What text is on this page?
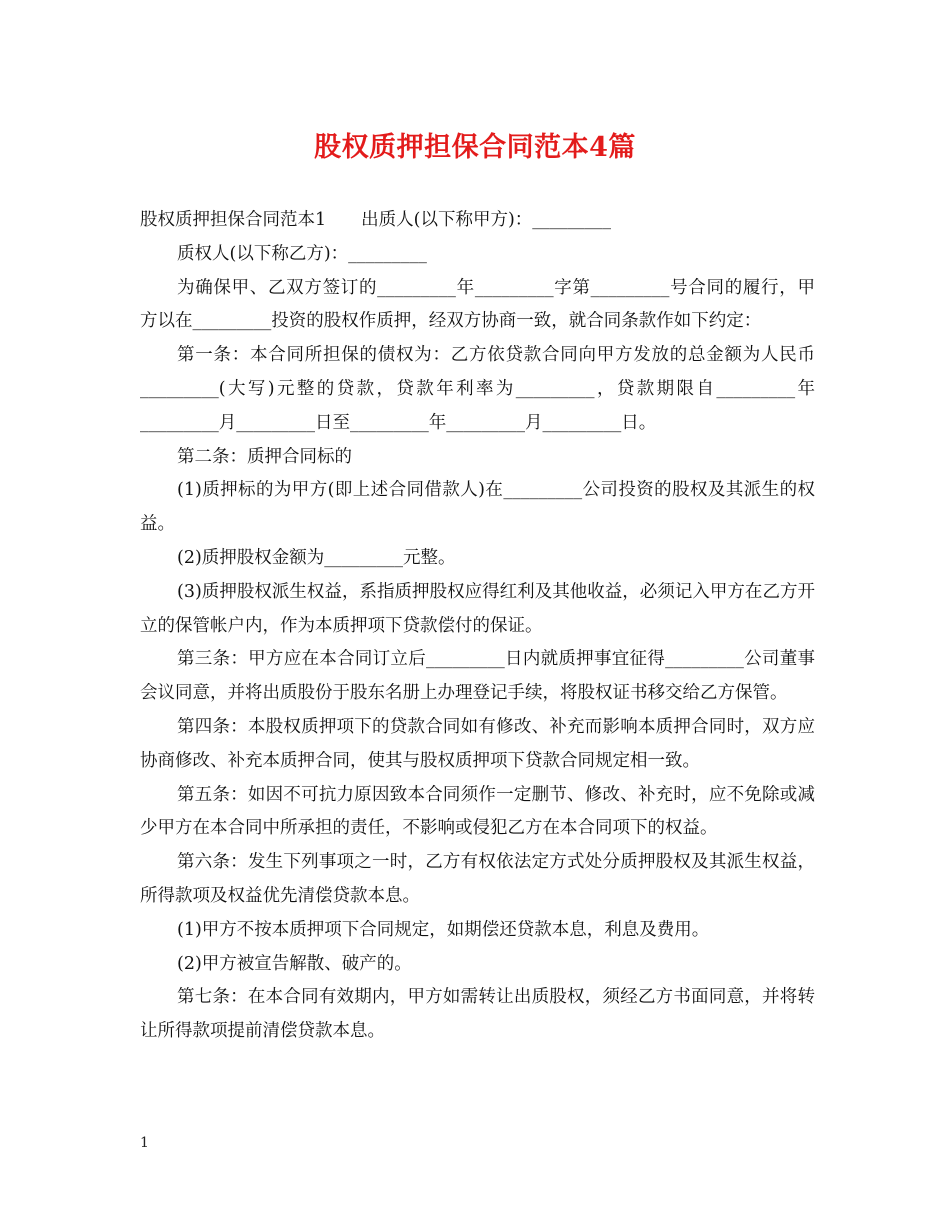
股权质押担保合同范本4篇

股权质押担保合同范本1　　出质人(以下称甲方)：_________

质权人(以下称乙方)：_________

为确保甲、乙双方签订的_________年_________字第_________号合同的履行，甲方以在_________投资的股权作质押，经双方协商一致，就合同条款作如下约定：

第一条：本合同所担保的债权为：乙方依贷款合同向甲方发放的总金额为人民币_________(大写)元整的贷款，贷款年利率为_________，贷款期限自_________年_________月_________日至_________年_________月_________日。

第二条：质押合同标的

(1)质押标的为甲方(即上述合同借款人)在_________公司投资的股权及其派生的权益。

(2)质押股权金额为_________元整。

(3)质押股权派生权益，系指质押股权应得红利及其他收益，必须记入甲方在乙方开立的保管帐户内，作为本质押项下贷款偿付的保证。

第三条：甲方应在本合同订立后_________日内就质押事宜征得_________公司董事会议同意，并将出质股份于股东名册上办理登记手续，将股权证书移交给乙方保管。

第四条：本股权质押项下的贷款合同如有修改、补充而影响本质押合同时，双方应协商修改、补充本质押合同，使其与股权质押项下贷款合同规定相一致。

第五条：如因不可抗力原因致本合同须作一定删节、修改、补充时，应不免除或减少甲方在本合同中所承担的责任，不影响或侵犯乙方在本合同项下的权益。

第六条：发生下列事项之一时，乙方有权依法定方式处分质押股权及其派生权益，所得款项及权益优先清偿贷款本息。

(1)甲方不按本质押项下合同规定，如期偿还贷款本息，利息及费用。

(2)甲方被宣告解散、破产的。

第七条：在本合同有效期内，甲方如需转让出质股权，须经乙方书面同意，并将转让所得款项提前清偿贷款本息。

1
